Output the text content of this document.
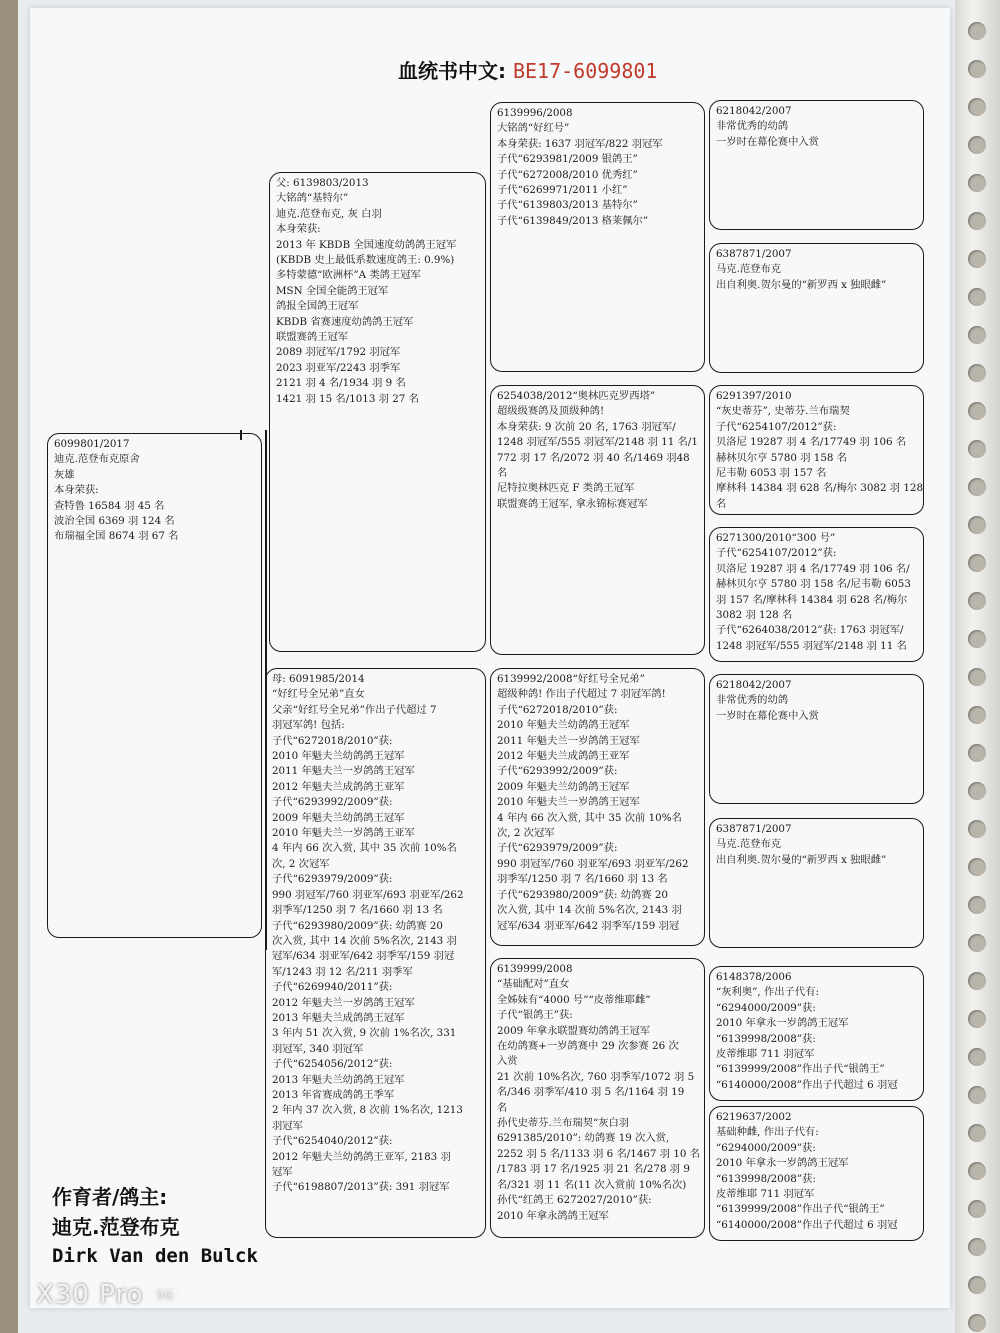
血统书中文: BE17-6099801
6099801/2017
迪克.范登布克原舍
灰雄
本身荣获:
查特鲁 16584 羽 45 名
波治全国 6369 羽 124 名
布瑞福全国 8674 羽 67 名
父: 6139803/2013
大铭鸽“基特尔”
迪克.范登布克, 灰 白羽
本身荣获:
2013 年 KBDB 全国速度幼鸽鸽王冠军
(KBDB 史上最低系数速度鸽王: 0.9%)
多特蒙德“欧洲杯”A 类鸽王冠军
MSN 全国全能鸽王冠军
鸽报全国鸽王冠军
KBDB 省赛速度幼鸽鸽王冠军
联盟赛鸽王冠军
2089 羽冠军/1792 羽冠军
2023 羽亚军/2243 羽季军
2121 羽 4 名/1934 羽 9 名
1421 羽 15 名/1013 羽 27 名
母: 6091985/2014
“好红号全兄弟”直女
父亲“好红号全兄弟”作出子代超过 7
羽冠军鸽! 包括:
子代“6272018/2010”获:
2010 年魁夫兰幼鸽鸽王冠军
2011 年魁夫兰一岁鸽鸽王冠军
2012 年魁夫兰成鸽鸽王亚军
子代“6293992/2009”获:
2009 年魁夫兰幼鸽鸽王冠军
2010 年魁夫兰一岁鸽鸽王亚军
4 年内 66 次入赏, 其中 35 次前 10%名
次, 2 次冠军
子代“6293979/2009”获:
990 羽冠军/760 羽亚军/693 羽亚军/262
羽季军/1250 羽 7 名/1660 羽 13 名
子代“6293980/2009”获: 幼鸽赛 20
次入赏, 其中 14 次前 5%名次, 2143 羽
冠军/634 羽亚军/642 羽季军/159 羽冠
军/1243 羽 12 名/211 羽季军
子代“6269940/2011”获:
2012 年魁夫兰一岁鸽鸽王冠军
2013 年魁夫兰成鸽鸽王冠军
3 年内 51 次入赏, 9 次前 1%名次, 331
羽冠军, 340 羽冠军
子代“6254056/2012”获:
2013 年魁夫兰幼鸽鸽王冠军
2013 年省赛成鸽鸽王季军
2 年内 37 次入赏, 8 次前 1%名次, 1213
羽冠军
子代“6254040/2012”获:
2012 年魁夫兰幼鸽鸽王亚军, 2183 羽
冠军
子代“6198807/2013”获: 391 羽冠军
6139996/2008
大铭鸽“好红号”
本身荣获: 1637 羽冠军/822 羽冠军
子代“6293981/2009 银鸽王”
子代“6272008/2010 优秀红”
子代“6269971/2011 小红”
子代“6139803/2013 基特尔”
子代“6139849/2013 格莱佩尔”
6254038/2012“奥林匹克罗西塔”
超级级赛鸽及顶级种鸽!
本身荣获: 9 次前 20 名, 1763 羽冠军/
1248 羽冠军/555 羽冠军/2148 羽 11 名/1
772 羽 17 名/2072 羽 40 名/1469 羽48
名
尼特拉奥林匹克 F 类鸽王冠军
联盟赛鸽王冠军, 拿永锦标赛冠军
6139992/2008“好红号全兄弟”
超级种鸽! 作出子代超过 7 羽冠军鸽!
子代“6272018/2010”获:
2010 年魁夫兰幼鸽鸽王冠军
2011 年魁夫兰一岁鸽鸽王冠军
2012 年魁夫兰成鸽鸽王亚军
子代“6293992/2009”获:
2009 年魁夫兰幼鸽鸽王冠军
2010 年魁夫兰一岁鸽鸽王冠军
4 年内 66 次入赏, 其中 35 次前 10%名
次, 2 次冠军
子代“6293979/2009”获:
990 羽冠军/760 羽亚军/693 羽亚军/262
羽季军/1250 羽 7 名/1660 羽 13 名
子代“6293980/2009”获: 幼鸽赛 20
次入赏, 其中 14 次前 5%名次, 2143 羽
冠军/634 羽亚军/642 羽季军/159 羽冠
6139999/2008
“基础配对”直女
全姊妹有“4000 号”“皮蒂维耶雌”
子代“银鸽王”获:
2009 年拿永联盟赛幼鸽鸽王冠军
在幼鸽赛+一岁鸽赛中 29 次参赛 26 次
入赏
21 次前 10%名次, 760 羽季军/1072 羽 5
名/346 羽季军/410 羽 5 名/1164 羽 19
名
孙代史蒂芬.兰布瑞契“灰白羽
6291385/2010”: 幼鸽赛 19 次入赏,
2252 羽 5 名/1133 羽 6 名/1467 羽 10 名
/1783 羽 17 名/1925 羽 21 名/278 羽 9
名/321 羽 11 名(11 次入赏前 10%名次)
孙代“红鸽王 6272027/2010”获:
2010 年拿永鸽鸽王冠军
6218042/2007
非常优秀的幼鸽
一岁时在幕伦赛中入赏
6387871/2007
马克.范登布克
出自利奥.贺尔曼的“新罗西 x 独眼雌”
6291397/2010
“灰史蒂芬”, 史蒂芬.兰布瑞契
子代“6254107/2012”获:
贝洛尼 19287 羽 4 名/17749 羽 106 名
赫林贝尔亨 5780 羽 158 名
尼韦勒 6053 羽 157 名
摩林科 14384 羽 628 名/梅尔 3082 羽 128
名
6271300/2010“300 号”
子代“6254107/2012”获:
贝洛尼 19287 羽 4 名/17749 羽 106 名/
赫林贝尔亨 5780 羽 158 名/尼韦勒 6053
羽 157 名/摩林科 14384 羽 628 名/梅尔
3082 羽 128 名
子代“6264038/2012”获: 1763 羽冠军/
1248 羽冠军/555 羽冠军/2148 羽 11 名
6218042/2007
非常优秀的幼鸽
一岁时在幕伦赛中入赏
6387871/2007
马克.范登布克
出自利奥.贺尔曼的“新罗西 x 独眼雌”
6148378/2006
“灰利奥”, 作出子代有:
“6294000/2009”获:
2010 年拿永一岁鸽鸽王冠军
“6139998/2008”获:
皮蒂维耶 711 羽冠军
“6139999/2008”作出子代“银鸽王”
“6140000/2008”作出子代超过 6 羽冠
6219637/2002
基础种雌, 作出子代有:
“6294000/2009”获:
2010 年拿永一岁鸽鸽王冠军
“6139998/2008”获:
皮蒂维耶 711 羽冠军
“6139999/2008”作出子代“银鸽王”
“6140000/2008”作出子代超过 6 羽冠
作育者/鸽主:
迪克.范登布克
Dirk Van den Bulck
X30 Pro 5G
